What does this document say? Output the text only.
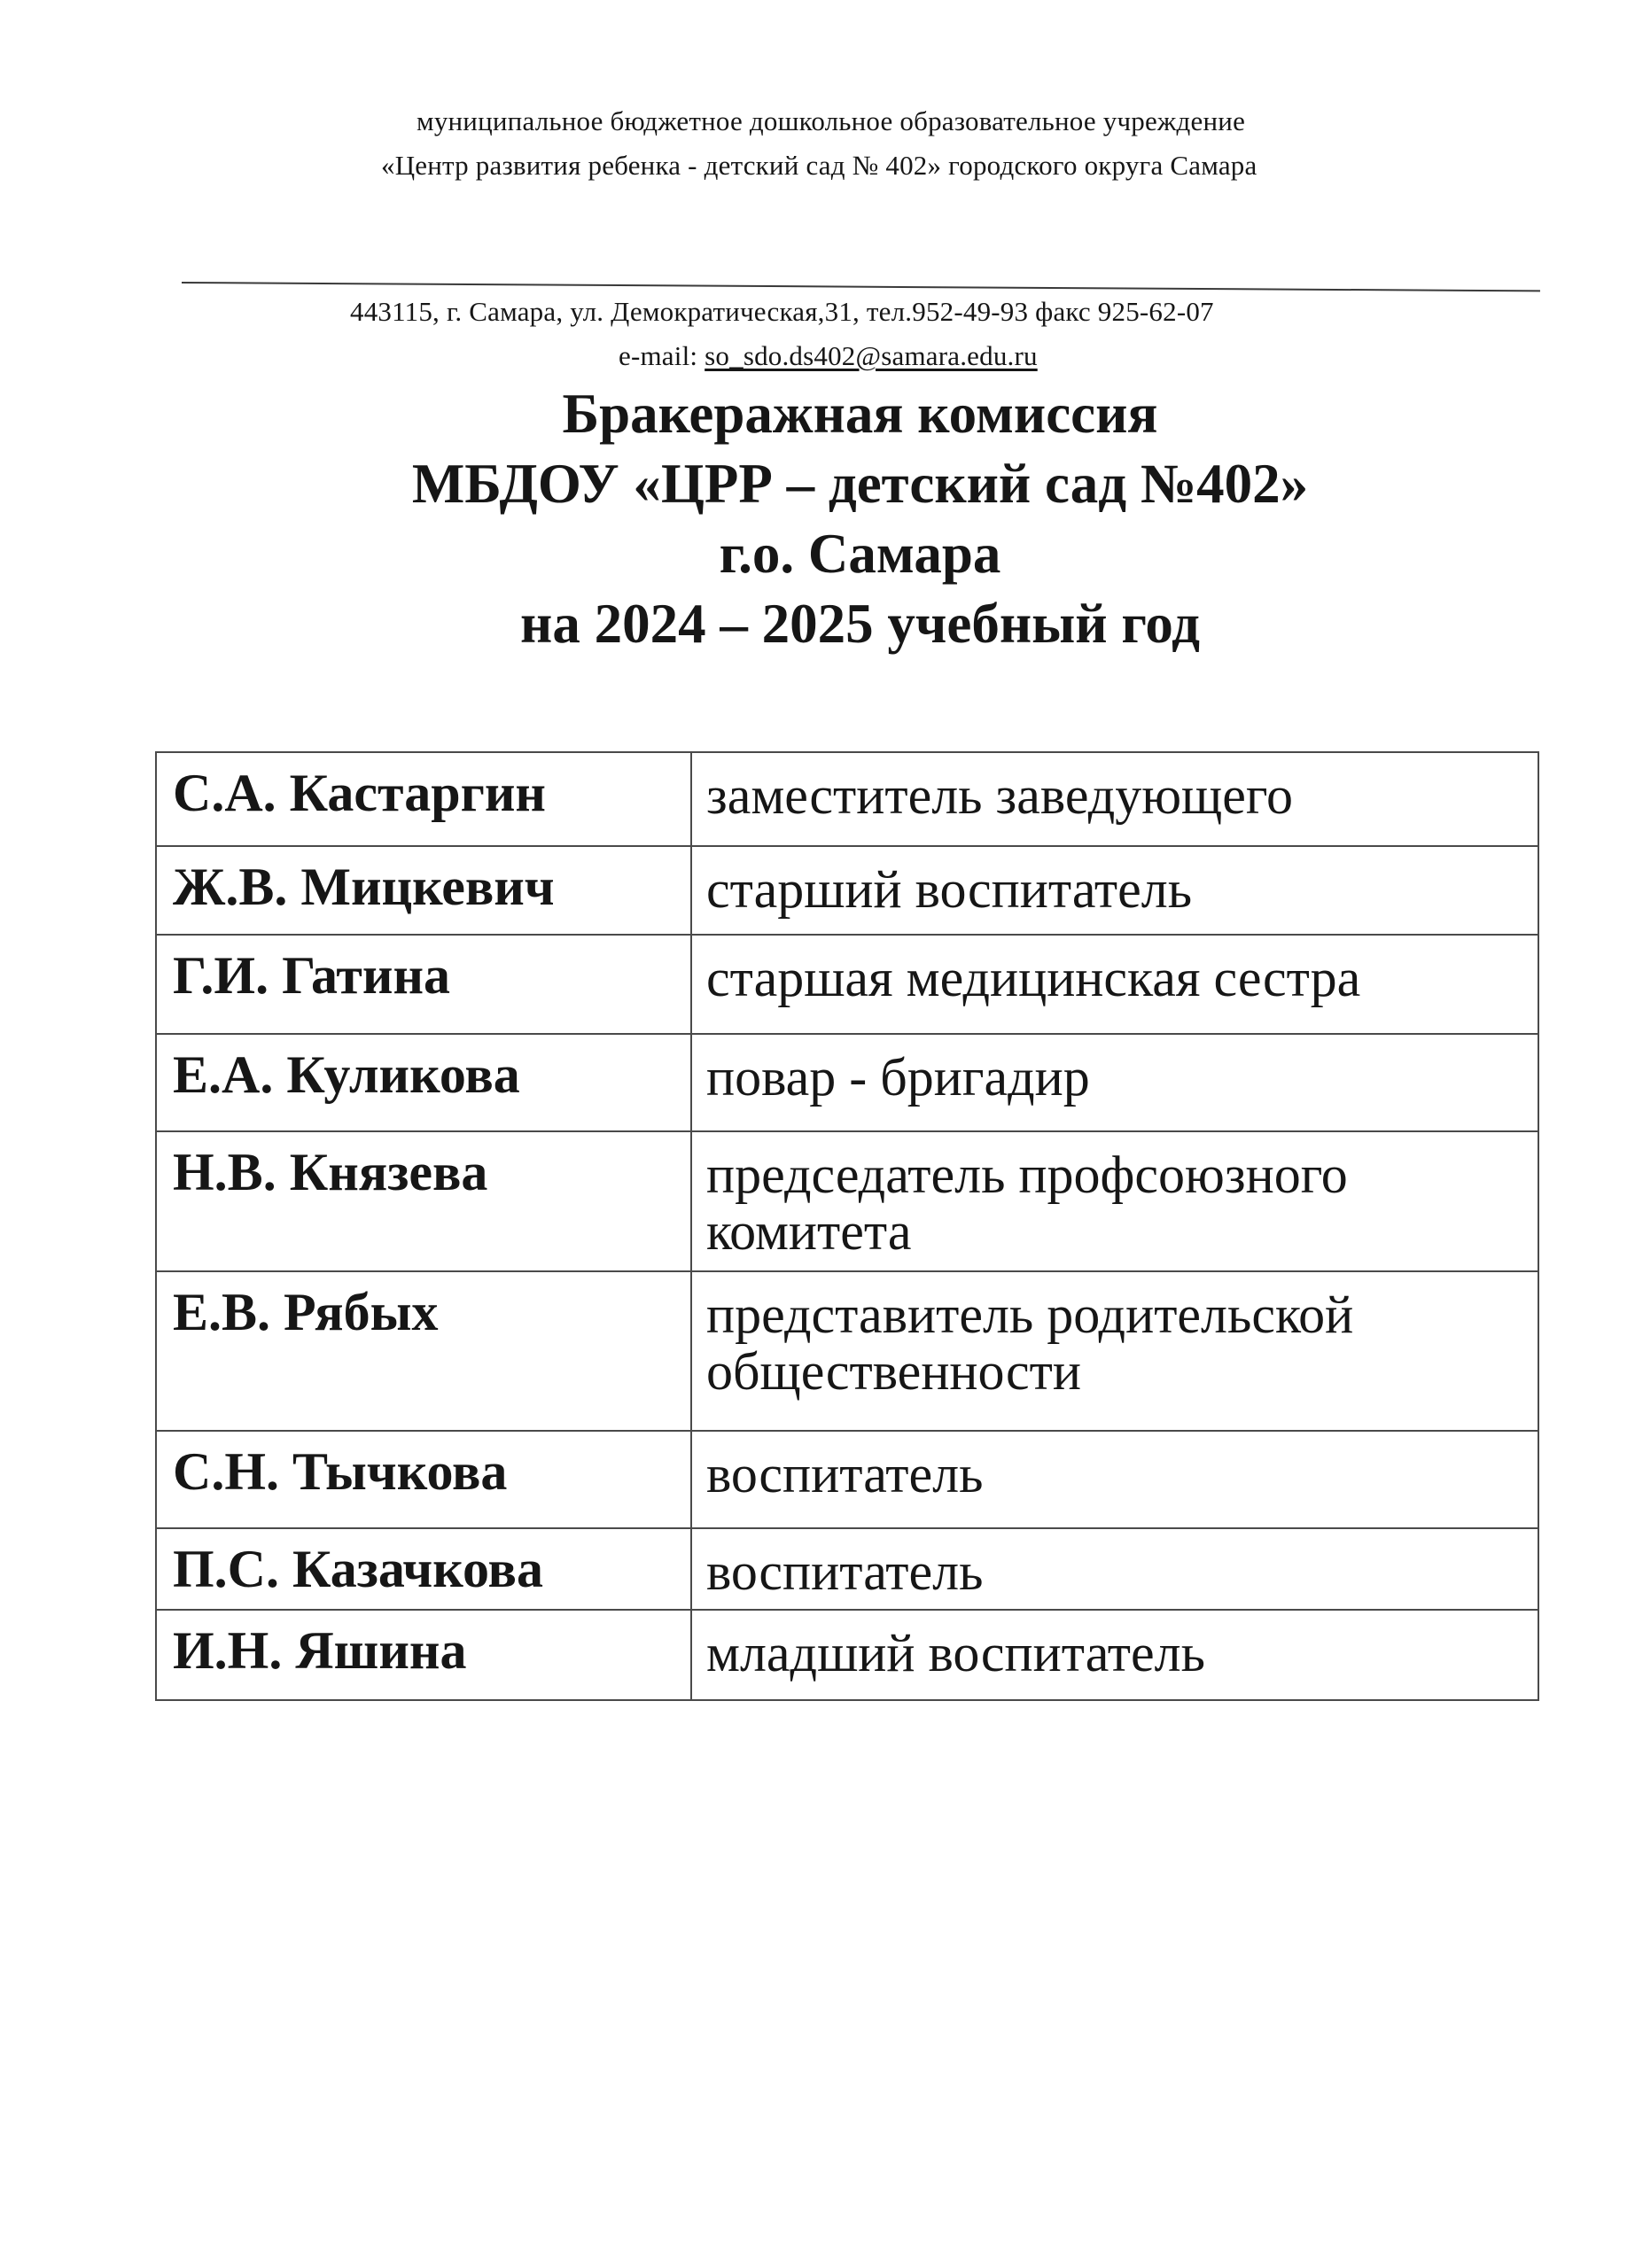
муниципальное бюджетное дошкольное образовательное учреждение
«Центр развития ребенка - детский сад № 402» городского округа Самара
443115, г. Самара, ул. Демократическая,31, тел.952-49-93 факс 925-62-07
e-mail: so_sdo.ds402@samara.edu.ru
Бракеражная комиссия
МБДОУ «ЦРР – детский сад №402»
г.о. Самара
на 2024 – 2025 учебный год
С.А. Кастаргин	заместитель заведующего
Ж.В. Мицкевич	старший воспитатель
Г.И. Гатина	старшая медицинская сестра
Е.А. Куликова	повар - бригадир
Н.В. Князева	председатель профсоюзного комитета
Е.В. Рябых	представитель родительской общественности
С.Н. Тычкова	воспитатель
П.С. Казачкова	воспитатель
И.Н. Яшина	младший воспитатель
